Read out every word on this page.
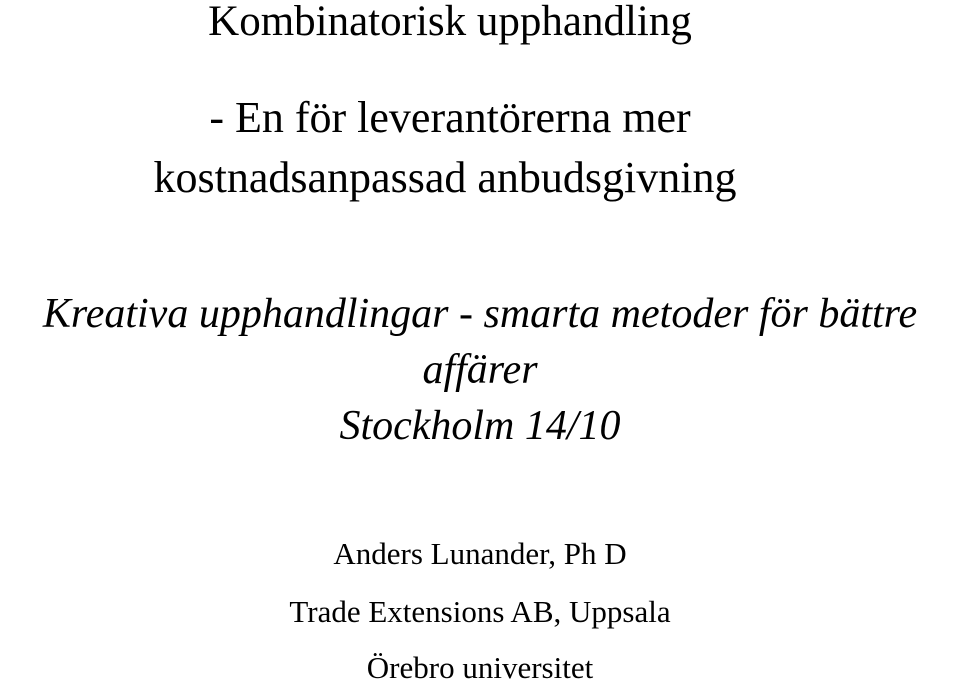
Kombinatorisk upphandling
- En för leverantörerna mer
kostnadsanpassad anbudsgivning
Kreativa upphandlingar - smarta metoder för bättre
affärer
Stockholm 14/10
Anders Lunander, Ph D
Trade Extensions AB, Uppsala
Örebro universitet
